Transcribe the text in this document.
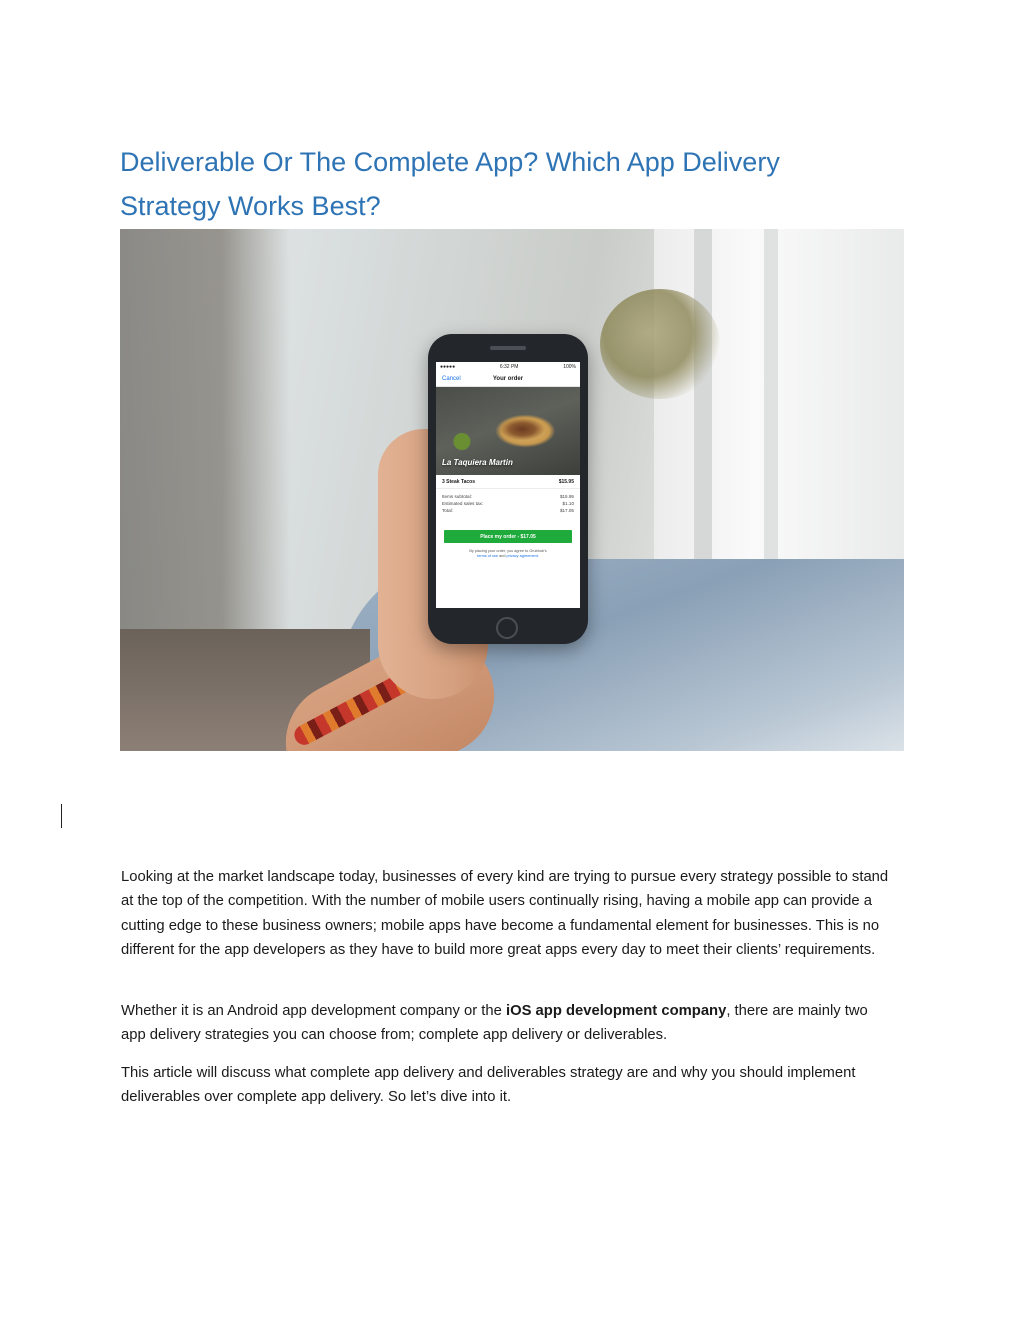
Deliverable Or The Complete App? Which App Delivery
Strategy Works Best?
●●●●●	6:32 PM	100%
Cancel	Your order
La Taquiera Martin
3 Steak Tacos	$15.95
Items subtotal:	$15.95
Estimated sales tax:	$1.10
Total:	$17.05
Place my order - $17.05
By placing your order, you agree to Grubhub's
terms of use and privacy agreement.

Looking at the market landscape today, businesses of every kind are trying to pursue every strategy possible to stand at the top of the competition. With the number of mobile users continually rising, having a mobile app can provide a cutting edge to these business owners; mobile apps have become a fundamental element for businesses. This is no different for the app developers as they have to build more great apps every day to meet their clients’ requirements.

Whether it is an Android app development company or the iOS app development company, there are mainly two app delivery strategies you can choose from; complete app delivery or deliverables.

This article will discuss what complete app delivery and deliverables strategy are and why you should implement deliverables over complete app delivery. So let’s dive into it.
